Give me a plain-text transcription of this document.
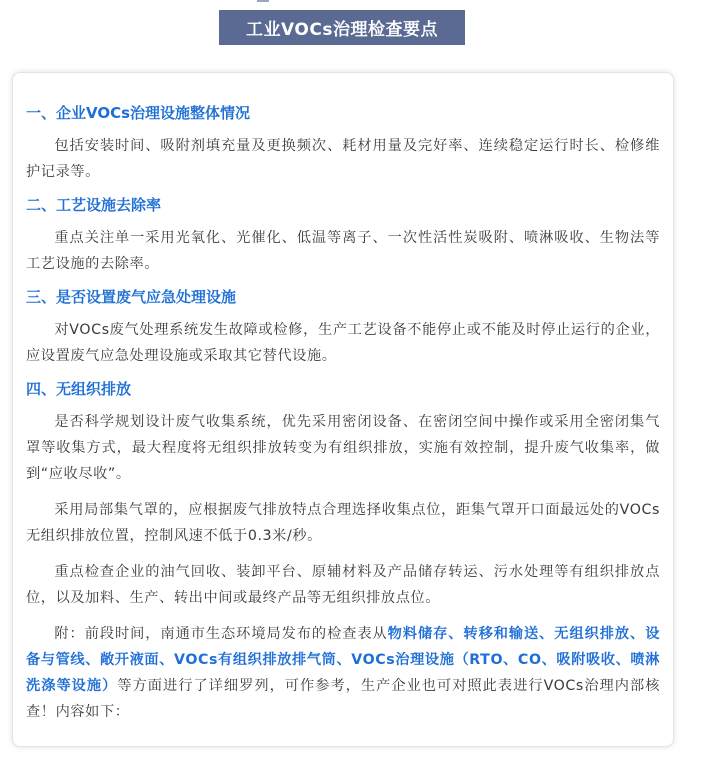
工业VOCs治理检查要点
一、企业VOCs治理设施整体情况

包括安装时间、吸附剂填充量及更换频次、耗材用量及完好率、连续稳定运行时长、检修维护记录等。

二、工艺设施去除率

重点关注单一采用光氧化、光催化、低温等离子、一次性活性炭吸附、喷淋吸收、生物法等工艺设施的去除率。

三、是否设置废气应急处理设施

对VOCs废气处理系统发生故障或检修，生产工艺设备不能停止或不能及时停止运行的企业，应设置废气应急处理设施或采取其它替代设施。

四、无组织排放

是否科学规划设计废气收集系统，优先采用密闭设备、在密闭空间中操作或采用全密闭集气罩等收集方式，最大程度将无组织排放转变为有组织排放，实施有效控制，提升废气收集率，做到“应收尽收”。

采用局部集气罩的，应根据废气排放特点合理选择收集点位，距集气罩开口面最远处的VOCs无组织排放位置，控制风速不低于0.3米/秒。

重点检查企业的油气回收、装卸平台、原辅材料及产品储存转运、污水处理等有组织排放点位，以及加料、生产、转出中间或最终产品等无组织排放点位。

附：前段时间，南通市生态环境局发布的检查表从物料储存、转移和输送、无组织排放、设备与管线、敞开液面、VOCs有组织排放排气筒、VOCs治理设施（RTO、CO、吸附吸收、喷淋洗涤等设施）等方面进行了详细罗列，可作参考，生产企业也可对照此表进行VOCs治理内部核查！内容如下：
